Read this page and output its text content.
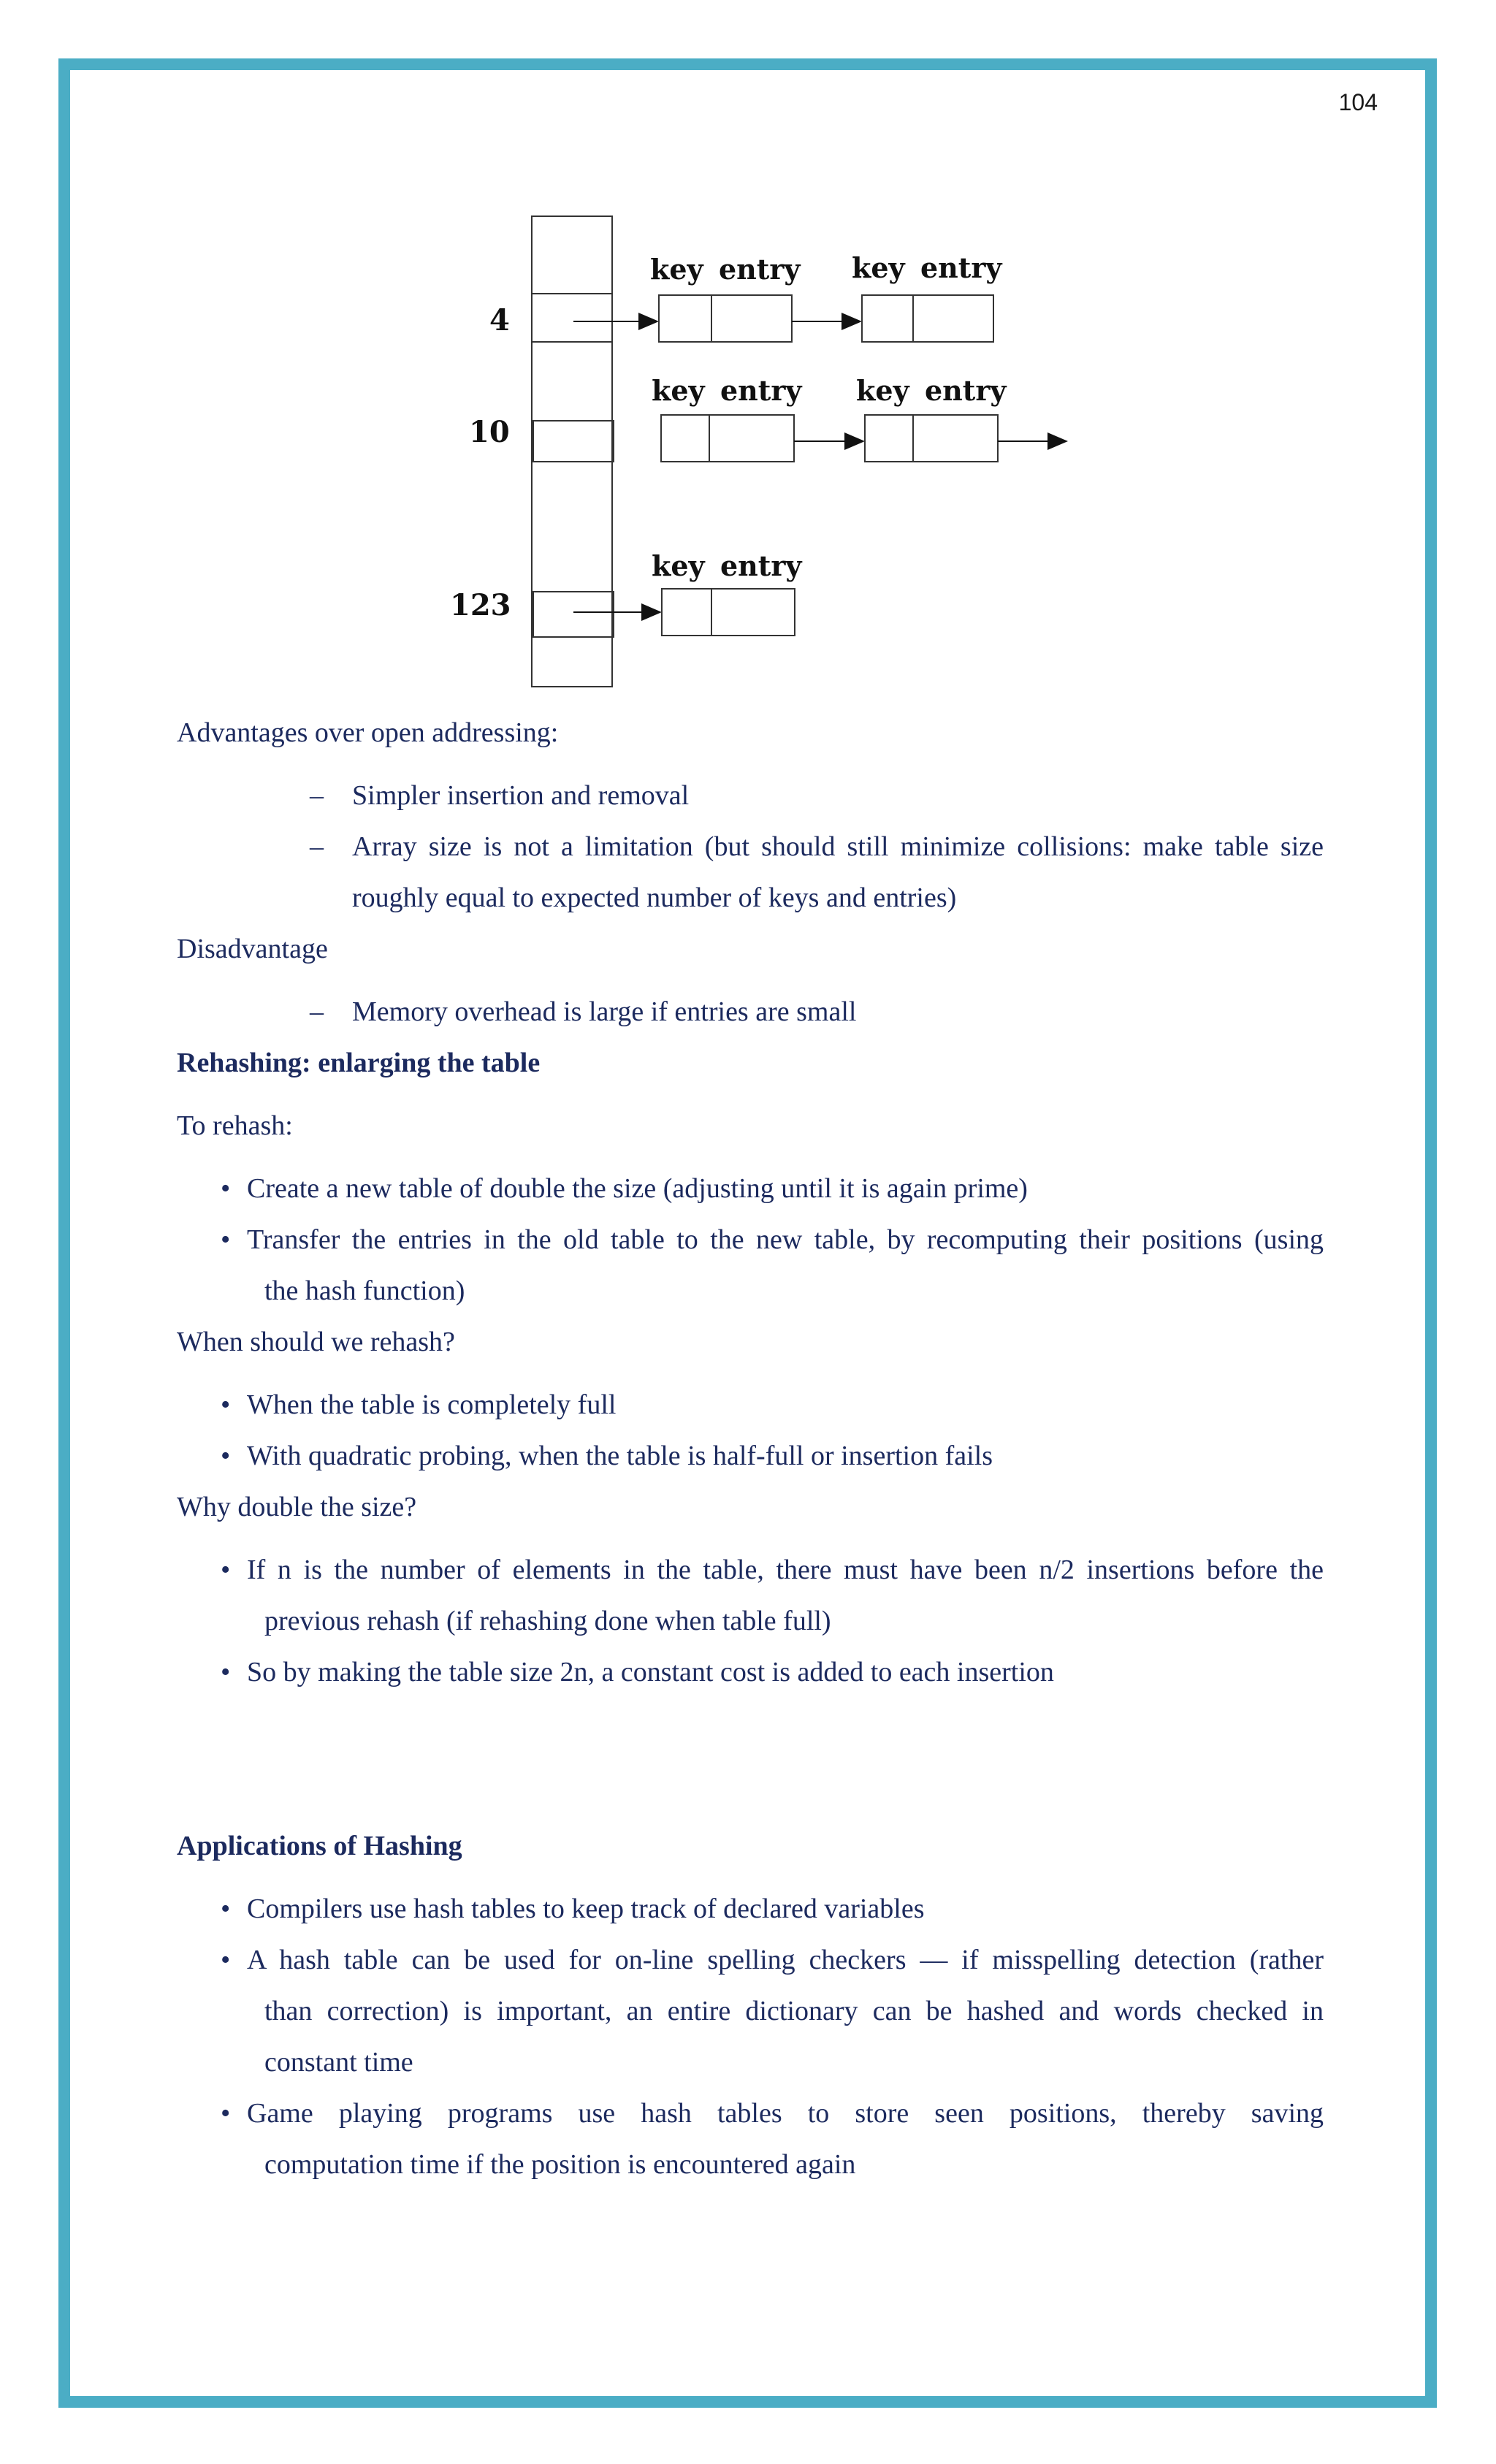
104
4
10
123
key entry key entry
key entry key entry
key entry

Advantages over open addressing:

– Simpler insertion and removal
– Array size is not a limitation (but should still minimize collisions: make table size roughly equal to expected number of keys and entries)

Disadvantage

– Memory overhead is large if entries are small

Rehashing: enlarging the table

To rehash:

• Create a new table of double the size (adjusting until it is again prime)
• Transfer the entries in the old table to the new table, by recomputing their positions (using
the hash function)

When should we rehash?

• When the table is completely full
• With quadratic probing, when the table is half-full or insertion fails

Why double the size?

• If n is the number of elements in the table, there must have been n/2 insertions before the
previous rehash (if rehashing done when table full)
• So by making the table size 2n, a constant cost is added to each insertion

Applications of Hashing

• Compilers use hash tables to keep track of declared variables
• A hash table can be used for on-line spelling checkers — if misspelling detection (rather
than correction) is important, an entire dictionary can be hashed and words checked in
constant time
• Game playing programs use hash tables to store seen positions, thereby saving
computation time if the position is encountered again
